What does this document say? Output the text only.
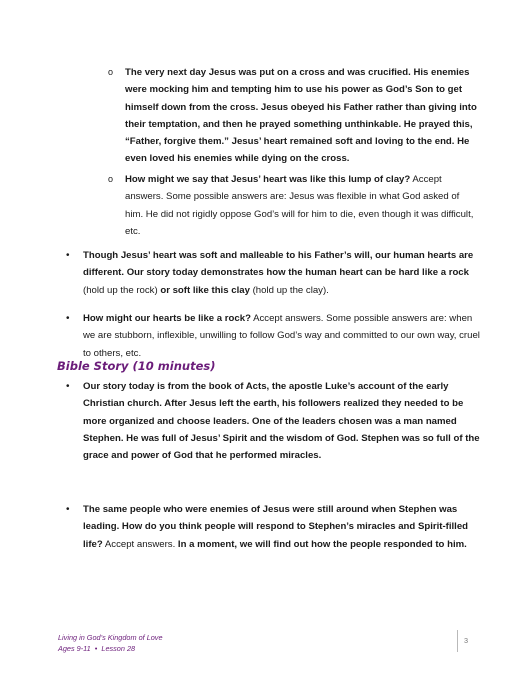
o The very next day Jesus was put on a cross and was crucified. His enemies were mocking him and tempting him to use his power as God’s Son to get himself down from the cross. Jesus obeyed his Father rather than giving into their temptation, and then he prayed something unthinkable. He prayed this, “Father, forgive them.” Jesus’ heart remained soft and loving to the end. He even loved his enemies while dying on the cross.

o How might we say that Jesus’ heart was like this lump of clay? Accept answers. Some possible answers are: Jesus was flexible in what God asked of him. He did not rigidly oppose God’s will for him to die, even though it was difficult, etc.

• Though Jesus’ heart was soft and malleable to his Father’s will, our human hearts are different. Our story today demonstrates how the human heart can be hard like a rock (hold up the rock) or soft like this clay (hold up the clay).

• How might our hearts be like a rock? Accept answers. Some possible answers are: when we are stubborn, inflexible, unwilling to follow God’s way and committed to our own way, cruel to others, etc.

Bible Story (10 minutes)
• Our story today is from the book of Acts, the apostle Luke’s account of the early Christian church. After Jesus left the earth, his followers realized they needed to be more organized and choose leaders. One of the leaders chosen was a man named Stephen. He was full of Jesus’ Spirit and the wisdom of God. Stephen was so full of the grace and power of God that he performed miracles.

• The same people who were enemies of Jesus were still around when Stephen was leading. How do you think people will respond to Stephen’s miracles and Spirit-filled life? Accept answers. In a moment, we will find out how the people responded to him.

Living in God’s Kingdom of Love
Ages 9-11  •  Lesson 28
3
